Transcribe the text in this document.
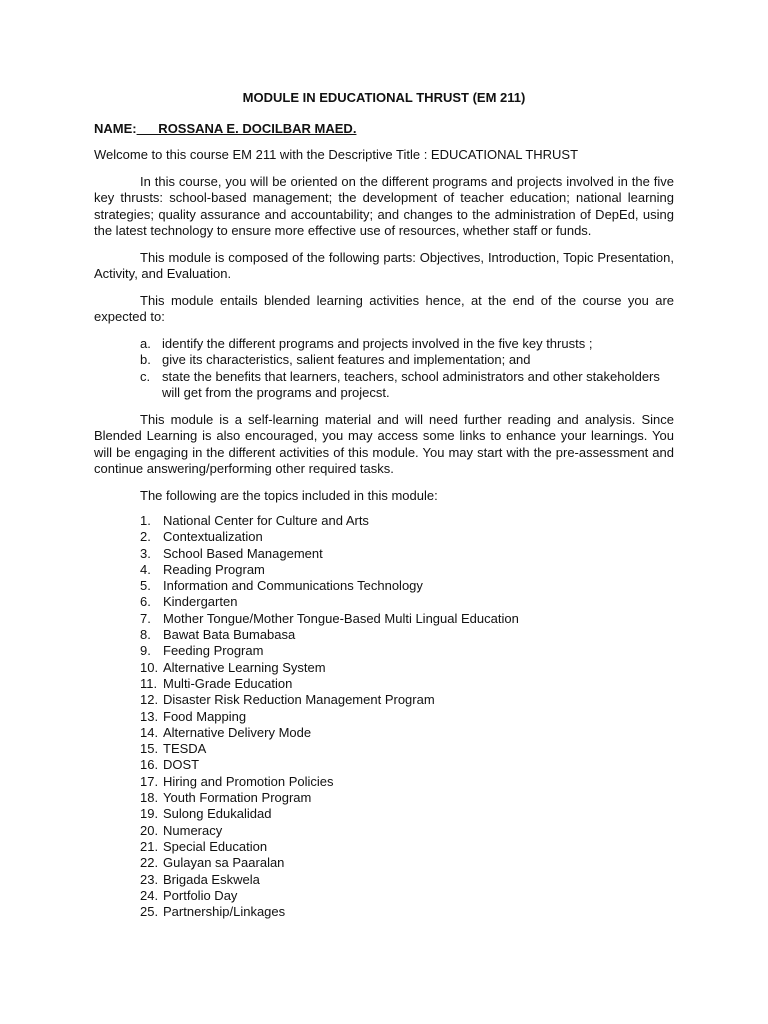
MODULE IN EDUCATIONAL THRUST (EM 211)

NAME:___ROSSANA E. DOCILBAR MAED.

Welcome to this course EM 211 with the Descriptive Title : EDUCATIONAL THRUST

In this course, you will be oriented on the different programs and projects involved in the five key thrusts: school-based management; the development of teacher education; national learning strategies; quality assurance and accountability; and changes to the administration of DepEd, using the latest technology to ensure more effective use of resources, whether staff or funds.

This module is composed of the following parts: Objectives, Introduction, Topic Presentation, Activity, and Evaluation.

This module entails blended learning activities hence, at the end of the course you are expected to:

a. identify the different programs and projects involved in the five key thrusts ;
b. give its characteristics, salient features and implementation; and
c. state the benefits that learners, teachers, school administrators and other stakeholders will get from the programs and projecst.

This module is a self-learning material and will need further reading and analysis. Since Blended Learning is also encouraged, you may access some links to enhance your learnings. You will be engaging in the different activities of this module. You may start with the pre-assessment and continue answering/performing other required tasks.

The following are the topics included in this module:

1. National Center for Culture and Arts
2. Contextualization
3. School Based Management
4. Reading Program
5. Information and Communications Technology
6. Kindergarten
7. Mother Tongue/Mother Tongue-Based Multi Lingual Education
8. Bawat Bata Bumabasa
9. Feeding Program
10. Alternative Learning System
11. Multi-Grade Education
12. Disaster Risk Reduction Management Program
13. Food Mapping
14. Alternative Delivery Mode
15. TESDA
16. DOST
17. Hiring and Promotion Policies
18. Youth Formation Program
19. Sulong Edukalidad
20. Numeracy
21. Special Education
22. Gulayan sa Paaralan
23. Brigada Eskwela
24. Portfolio Day
25. Partnership/Linkages
